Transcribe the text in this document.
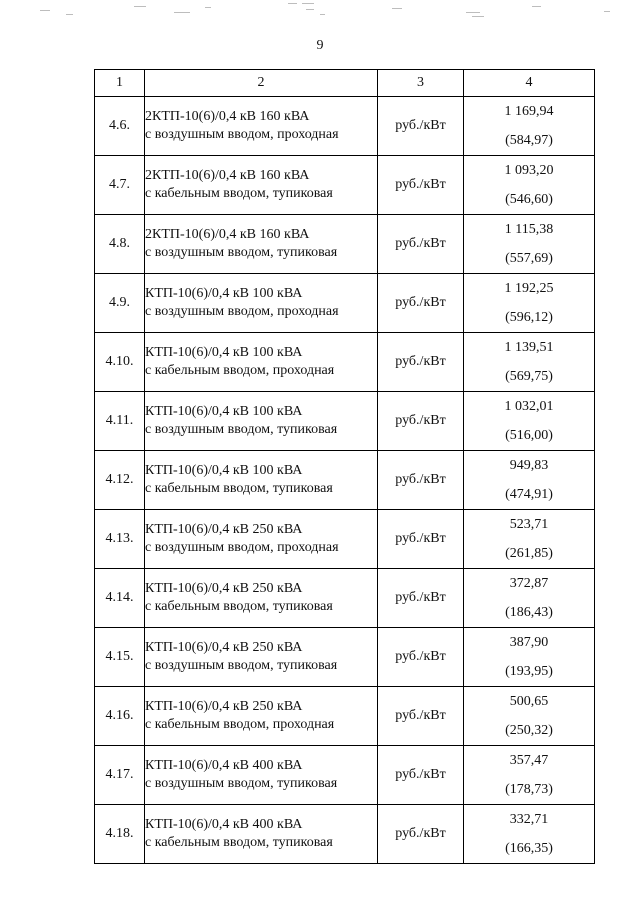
9
1	2	3	4
4.6.	2КТП-10(6)/0,4 кВ 160 кВА
с воздушным вводом, проходная	руб./кВт	1 169,94
(584,97)

4.7.	2КТП-10(6)/0,4 кВ 160 кВА
с кабельным вводом, тупиковая	руб./кВт	1 093,20
(546,60)

4.8.	2КТП-10(6)/0,4 кВ 160 кВА
с воздушным вводом, тупиковая	руб./кВт	1 115,38
(557,69)

4.9.	КТП-10(6)/0,4 кВ 100 кВА
с воздушным вводом, проходная	руб./кВт	1 192,25
(596,12)

4.10.	КТП-10(6)/0,4 кВ 100 кВА
с кабельным вводом, проходная	руб./кВт	1 139,51
(569,75)

4.11.	КТП-10(6)/0,4 кВ 100 кВА
с воздушным вводом, тупиковая	руб./кВт	1 032,01
(516,00)

4.12.	КТП-10(6)/0,4 кВ 100 кВА
с кабельным вводом, тупиковая	руб./кВт	949,83
(474,91)

4.13.	КТП-10(6)/0,4 кВ 250 кВА
с воздушным вводом, проходная	руб./кВт	523,71
(261,85)

4.14.	КТП-10(6)/0,4 кВ 250 кВА
с кабельным вводом, тупиковая	руб./кВт	372,87
(186,43)

4.15.	КТП-10(6)/0,4 кВ 250 кВА
с воздушным вводом, тупиковая	руб./кВт	387,90
(193,95)

4.16.	КТП-10(6)/0,4 кВ 250 кВА
с кабельным вводом, проходная	руб./кВт	500,65
(250,32)

4.17.	КТП-10(6)/0,4 кВ 400 кВА
с воздушным вводом, тупиковая	руб./кВт	357,47
(178,73)

4.18.	КТП-10(6)/0,4 кВ 400 кВА
с кабельным вводом, тупиковая	руб./кВт	332,71
(166,35)
